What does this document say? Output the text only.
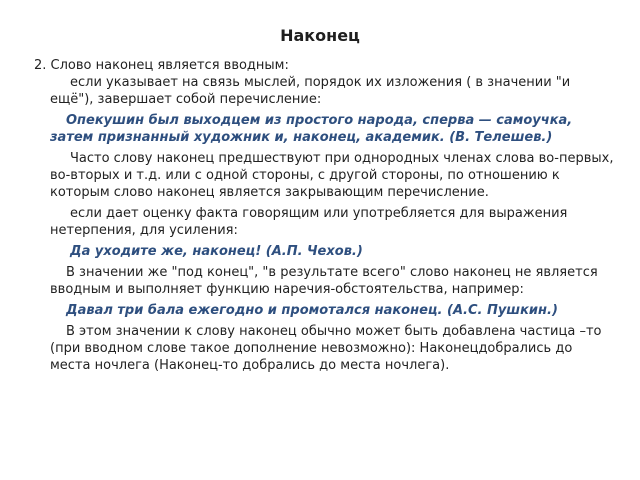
Наконец

2. Слово наконец является вводным:

если указывает на связь мыслей, порядок их изложения ( в значении "и ещё"), завершает собой перечисление:

Опекушин был выходцем из простого народа, сперва — самоучка, затем признанный художник и, наконец, академик. (В. Телешев.)

Часто слову наконец предшествуют при однородных членах слова во-первых, во-вторых и т.д. или с одной стороны, с другой стороны, по отношению к которым слово наконец является закрывающим перечисление.

если дает оценку факта говорящим или употребляется для выражения нетерпения, для усиления:

Да уходите же, наконец! (А.П. Чехов.)

В значении же "под конец", "в результате всего" слово наконец не является вводным и выполняет функцию наречия-обстоятельства, например:

Давал три бала ежегодно и промотался наконец. (А.С. Пушкин.)

В этом значении к слову наконец обычно может быть добавлена частица –то (при вводном слове такое дополнение невозможно): Наконецдобрались до места ночлега (Наконец-то добрались до места ночлега).
